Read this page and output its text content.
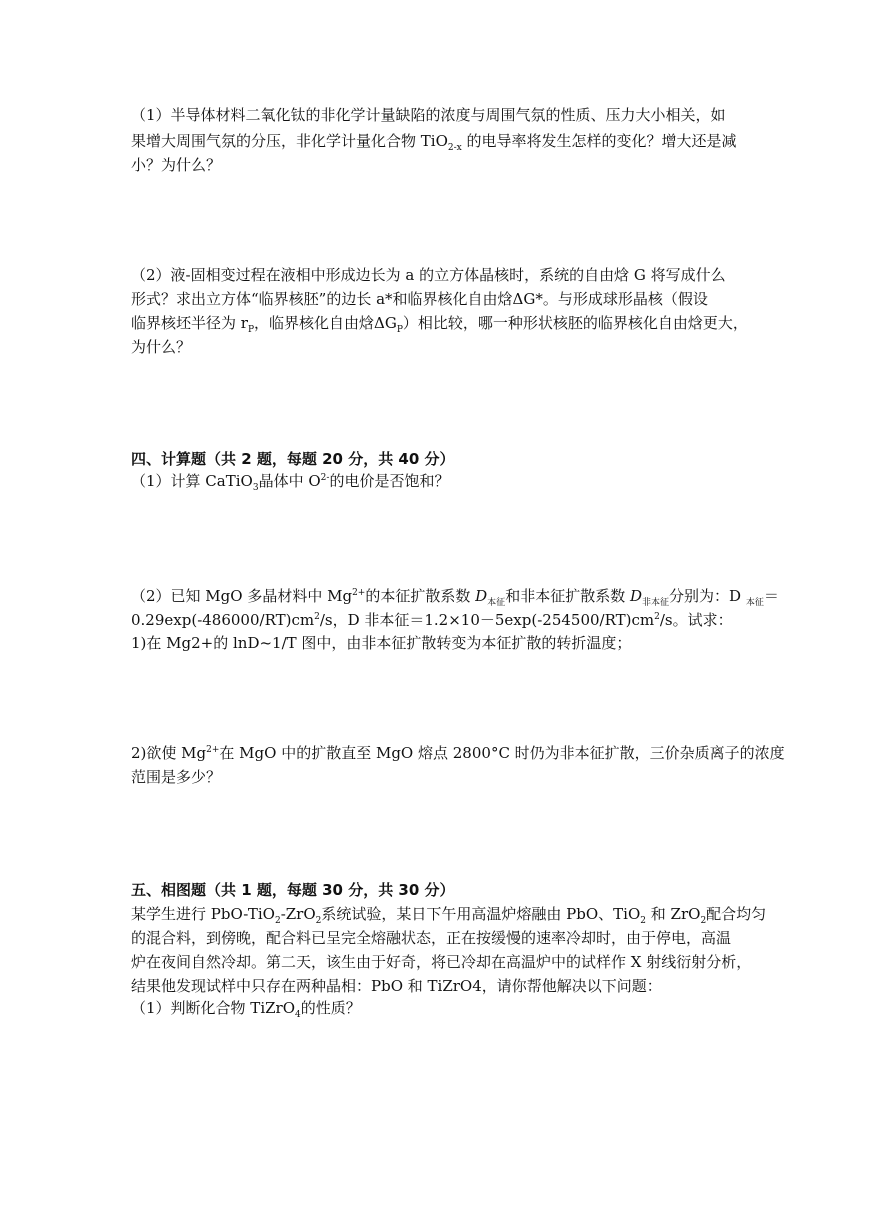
（1）半导体材料二氧化钛的非化学计量缺陷的浓度与周围气氛的性质、压力大小相关，如
果增大周围气氛的分压，非化学计量化合物 TiO$_{2-x}$ 的电导率将发生怎样的变化？增大还是减
小？为什么？
（2）液-固相变过程在液相中形成边长为 a 的立方体晶核时，系统的自由焓 G 将写成什么
形式？求出立方体“临界核胚”的边长 a*和临界核化自由焓ΔG*。与形成球形晶核（假设
临界核坯半径为 $r_P$，临界核化自由焓$\Delta G_P$）相比较，哪一种形状核胚的临界核化自由焓更大，
为什么？
四、计算题（共 2 题，每题 20 分，共 40 分）
（1）计算 CaTiO$_3$晶体中 $O^{2-}$的电价是否饱和？
（2）已知 MgO 多晶材料中 $Mg^{2+}$的本征扩散系数 $D_{本征}$和非本征扩散系数 $D_{非本征}$分别为：D $_{本征}$＝
$0.29\exp(-486000/RT)cm^2/s$，D 非本征$=1.2\times 10-5\exp(-254500/RT)cm^2/s$。试求：
1)在 Mg2+的 lnD~1/T 图中，由非本征扩散转变为本征扩散的转折温度；
2)欲使 $Mg^{2+}$在 MgO 中的扩散直至 MgO 熔点 2800°C 时仍为非本征扩散，三价杂质离子的浓度
范围是多少？
五、相图题（共 1 题，每题 30 分，共 30 分）
某学生进行 PbO-TiO$_2$-ZrO$_2$系统试验，某日下午用高温炉熔融由 PbO、TiO$_2$ 和 ZrO$_2$配合均匀
的混合料，到傍晚，配合料已呈完全熔融状态，正在按缓慢的速率冷却时，由于停电，高温
炉在夜间自然冷却。第二天，该生由于好奇，将已冷却在高温炉中的试样作 X 射线衍射分析，
结果他发现试样中只存在两种晶相：PbO 和 TiZrO4，请你帮他解决以下问题：
（1）判断化合物 TiZrO$_4$的性质？
